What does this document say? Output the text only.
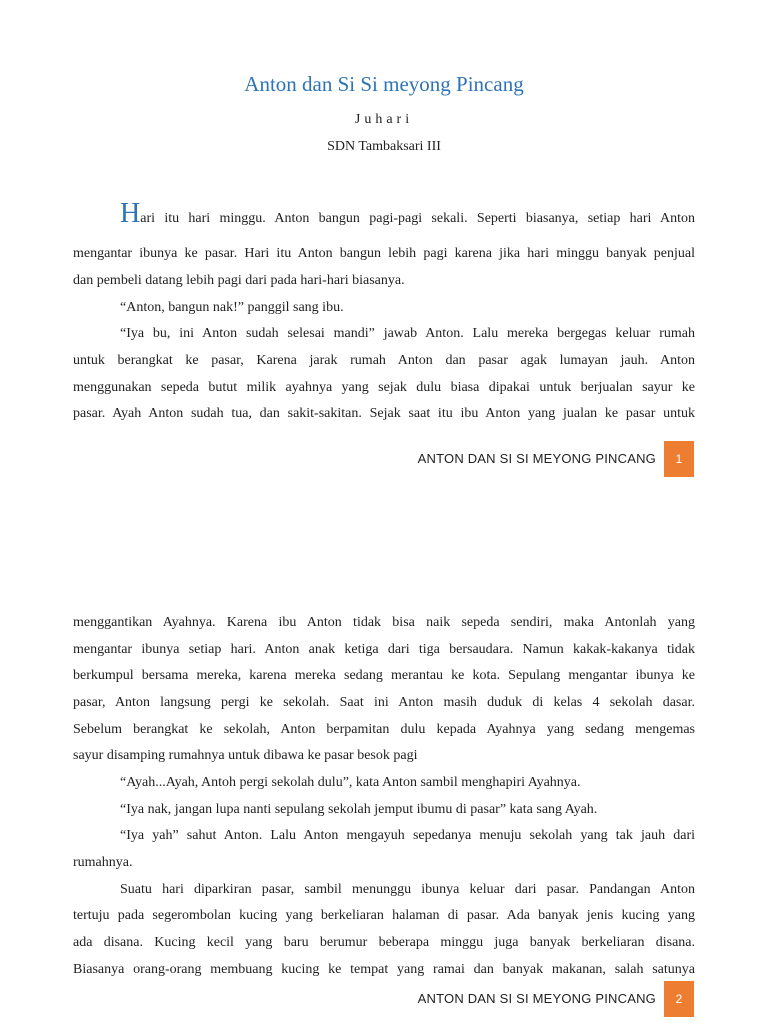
Anton dan Si Si meyong Pincang
Juhari
SDN Tambaksari III

Hari itu hari minggu. Anton bangun pagi-pagi sekali. Seperti biasanya, setiap hari Anton

mengantar ibunya ke pasar. Hari itu Anton bangun lebih pagi karena jika hari minggu banyak penjual

dan pembeli datang lebih pagi dari pada hari-hari biasanya.

“Anton, bangun nak!” panggil sang ibu.

“Iya bu, ini Anton sudah selesai mandi” jawab Anton. Lalu mereka bergegas keluar rumah

untuk berangkat ke pasar, Karena jarak rumah Anton dan pasar agak lumayan jauh. Anton

menggunakan sepeda butut milik ayahnya yang sejak dulu biasa dipakai untuk berjualan sayur ke

pasar. Ayah Anton sudah tua, dan sakit-sakitan. Sejak saat itu ibu Anton yang jualan ke pasar untuk

ANTON DAN SI SI MEYONG PINCANG	1

menggantikan Ayahnya. Karena ibu Anton tidak bisa naik sepeda sendiri, maka Antonlah yang

mengantar ibunya setiap hari. Anton anak ketiga dari tiga bersaudara. Namun kakak-kakanya tidak

berkumpul bersama mereka, karena mereka sedang merantau ke kota. Sepulang mengantar ibunya ke

pasar, Anton langsung pergi ke sekolah. Saat ini Anton masih duduk di kelas 4 sekolah dasar.

Sebelum berangkat ke sekolah, Anton berpamitan dulu kepada Ayahnya yang sedang mengemas

sayur disamping rumahnya untuk dibawa ke pasar besok pagi

“Ayah...Ayah, Antoh pergi sekolah dulu”, kata Anton sambil menghapiri Ayahnya.

“Iya nak, jangan lupa nanti sepulang sekolah jemput ibumu di pasar” kata sang Ayah.

“Iya yah” sahut Anton. Lalu Anton mengayuh sepedanya menuju sekolah yang tak jauh dari

rumahnya.

Suatu hari diparkiran pasar, sambil menunggu ibunya keluar dari pasar. Pandangan Anton

tertuju pada segerombolan kucing yang berkeliaran halaman di pasar. Ada banyak jenis kucing yang

ada disana. Kucing kecil yang baru berumur beberapa minggu juga banyak berkeliaran disana.

Biasanya orang-orang membuang kucing ke tempat yang ramai dan banyak makanan, salah satunya

ANTON DAN SI SI MEYONG PINCANG	2
